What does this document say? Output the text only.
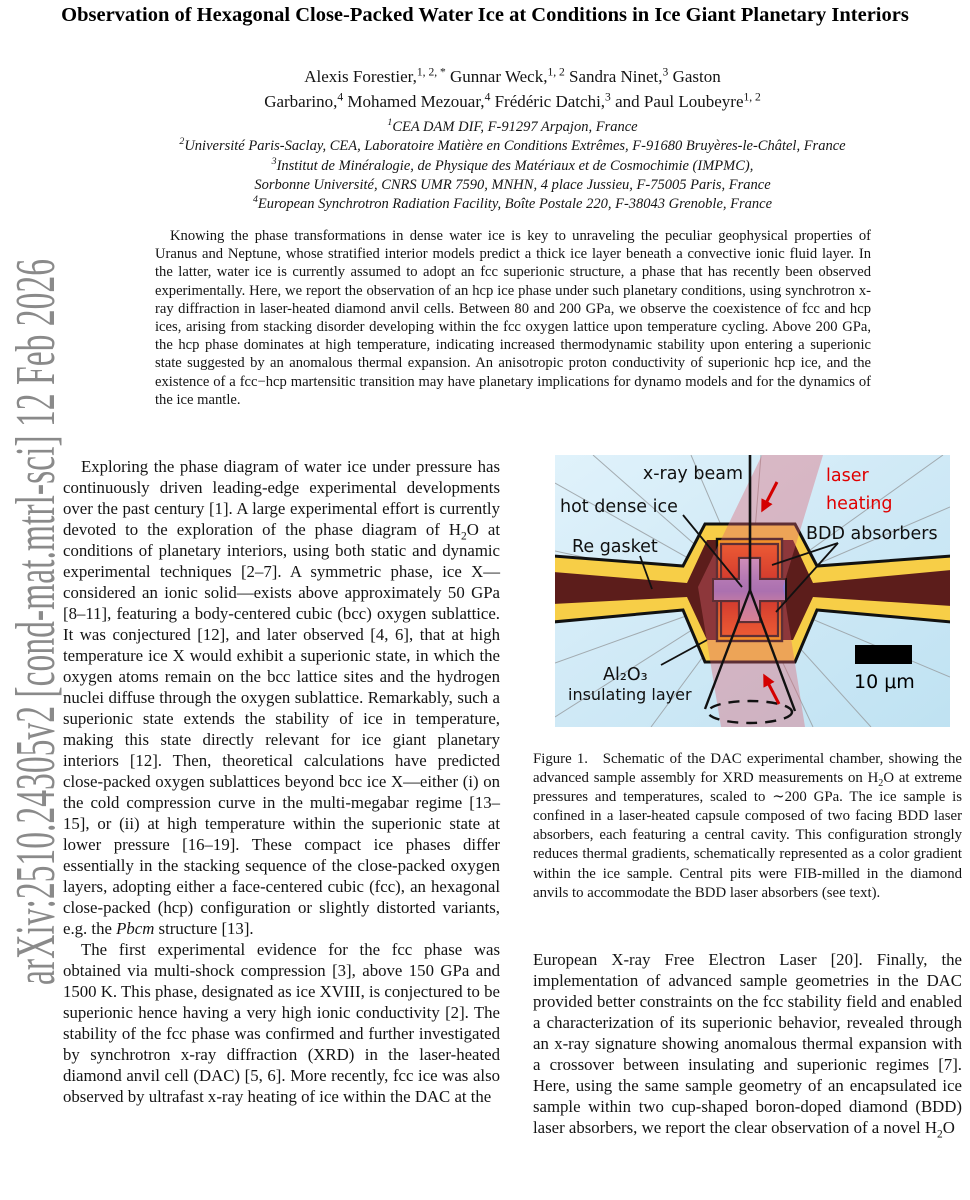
arXiv:2510.24305v2 [cond-mat.mtrl-sci] 12 Feb 2026
Observation of Hexagonal Close-Packed Water Ice at Conditions in Ice Giant Planetary Interiors
Alexis Forestier,$^{1, 2, *}$ Gunnar Weck,$^{1, 2}$ Sandra Ninet,$^3$ Gaston
Garbarino,$^4$ Mohamed Mezouar,$^4$ Frédéric Datchi,$^3$ and Paul Loubeyre$^{1, 2}$
$^1$CEA DAM DIF, F-91297 Arpajon, France
$^2$Université Paris-Saclay, CEA, Laboratoire Matière en Conditions Extrêmes, F-91680 Bruyères-le-Châtel, France
$^3$Institut de Minéralogie, de Physique des Matériaux et de Cosmochimie (IMPMC),
Sorbonne Université, CNRS UMR 7590, MNHN, 4 place Jussieu, F-75005 Paris, France
$^4$European Synchrotron Radiation Facility, Boîte Postale 220, F-38043 Grenoble, France

Knowing the phase transformations in dense water ice is key to unraveling the peculiar geophysical properties of Uranus and Neptune, whose stratified interior models predict a thick ice layer beneath a convective ionic fluid layer. In the latter, water ice is currently assumed to adopt an fcc superionic structure, a phase that has recently been observed experimentally. Here, we report the observation of an hcp ice phase under such planetary conditions, using synchrotron x-ray diffraction in laser-heated diamond anvil cells. Between 80 and 200 GPa, we observe the coexistence of fcc and hcp ices, arising from stacking disorder developing within the fcc oxygen lattice upon temperature cycling. Above 200 GPa, the hcp phase dominates at high temperature, indicating increased thermodynamic stability upon entering a superionic state suggested by an anomalous thermal expansion. An anisotropic proton conductivity of superionic hcp ice, and the existence of a fcc−hcp martensitic transition may have planetary implications for dynamo models and for the dynamics of the ice mantle.

Exploring the phase diagram of water ice under pressure has continuously driven leading-edge experimental developments over the past century [1]. A large experimental effort is currently devoted to the exploration of the phase diagram of $H_2O$ at conditions of planetary interiors, using both static and dynamic experimental techniques [2–7]. A symmetric phase, ice X—considered an ionic solid—exists above approximately 50 GPa [8–11], featuring a body-centered cubic (bcc) oxygen sublattice. It was conjectured [12], and later observed [4, 6], that at high temperature ice X would exhibit a superionic state, in which the oxygen atoms remain on the bcc lattice sites and the hydrogen nuclei diffuse through the oxygen sublattice. Remarkably, such a superionic state extends the stability of ice in temperature, making this state directly relevant for ice giant planetary interiors [12]. Then, theoretical calculations have predicted close-packed oxygen sublattices beyond bcc ice X—either (i) on the cold compression curve in the multi-megabar regime [13–15], or (ii) at high temperature within the superionic state at lower pressure [16–19]. These compact ice phases differ essentially in the stacking sequence of the close-packed oxygen layers, adopting either a face-centered cubic (fcc), an hexagonal close-packed (hcp) configuration or slightly distorted variants, e.g. the Pbcm structure [13].

The first experimental evidence for the fcc phase was obtained via multi-shock compression [3], above 150 GPa and 1500 K. This phase, designated as ice XVIII, is conjectured to be superionic hence having a very high ionic conductivity [2]. The stability of the fcc phase was confirmed and further investigated by synchrotron x-ray diffraction (XRD) in the laser-heated diamond anvil cell (DAC) [5, 6]. More recently, fcc ice was also observed by ultrafast x-ray heating of ice within the DAC at the

x-ray beam	laser
heating
hot dense ice
Re gasket
BDD absorbers
Al₂O₃
insulating layer
10 μm
Figure 1.  Schematic of the DAC experimental chamber, showing the advanced sample assembly for XRD measurements on $H_2O$ at extreme pressures and temperatures, scaled to ∼200 GPa. The ice sample is confined in a laser-heated capsule composed of two facing BDD laser absorbers, each featuring a central cavity. This configuration strongly reduces thermal gradients, schematically represented as a color gradient within the ice sample. Central pits were FIB-milled in the diamond anvils to accommodate the BDD laser absorbers (see text).

European X-ray Free Electron Laser [20]. Finally, the implementation of advanced sample geometries in the DAC provided better constraints on the fcc stability field and enabled a characterization of its superionic behavior, revealed through an x-ray signature showing anomalous thermal expansion with a crossover between insulating and superionic regimes [7]. Here, using the same sample geometry of an encapsulated ice sample within two cup-shaped boron-doped diamond (BDD) laser absorbers, we report the clear observation of a novel $H_2O$
